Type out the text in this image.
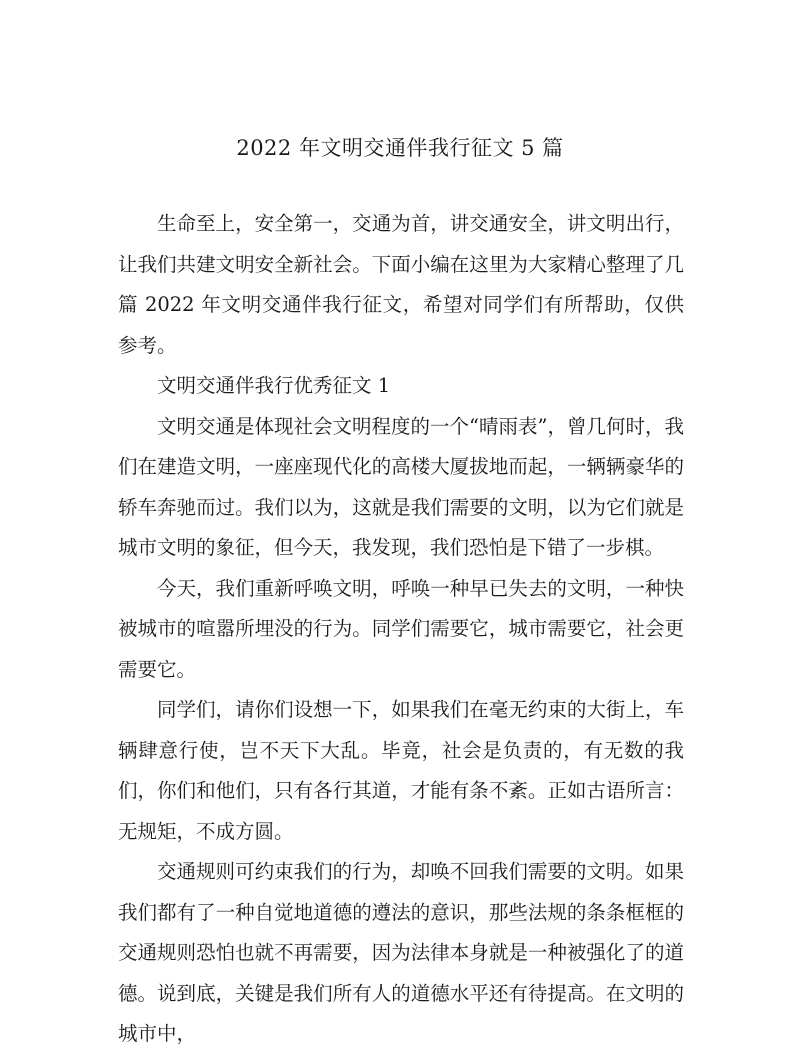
2022 年文明交通伴我行征文 5 篇

生命至上，安全第一，交通为首，讲交通安全，讲文明出行，让我们共建文明安全新社会。下面小编在这里为大家精心整理了几篇 2022 年文明交通伴我行征文，希望对同学们有所帮助，仅供参考。

文明交通伴我行优秀征文 1

文明交通是体现社会文明程度的一个“晴雨表”，曾几何时，我们在建造文明，一座座现代化的高楼大厦拔地而起，一辆辆豪华的轿车奔驰而过。我们以为，这就是我们需要的文明，以为它们就是城市文明的象征，但今天，我发现，我们恐怕是下错了一步棋。

今天，我们重新呼唤文明，呼唤一种早已失去的文明，一种快被城市的喧嚣所埋没的行为。同学们需要它，城市需要它，社会更需要它。

同学们，请你们设想一下，如果我们在毫无约束的大街上，车辆肆意行使，岂不天下大乱。毕竟，社会是负责的，有无数的我们，你们和他们，只有各行其道，才能有条不紊。正如古语所言：无规矩，不成方圆。

交通规则可约束我们的行为，却唤不回我们需要的文明。如果我们都有了一种自觉地道德的遵法的意识，那些法规的条条框框的交通规则恐怕也就不再需要，因为法律本身就是一种被强化了的道德。说到底，关键是我们所有人的道德水平还有待提高。在文明的城市中，
